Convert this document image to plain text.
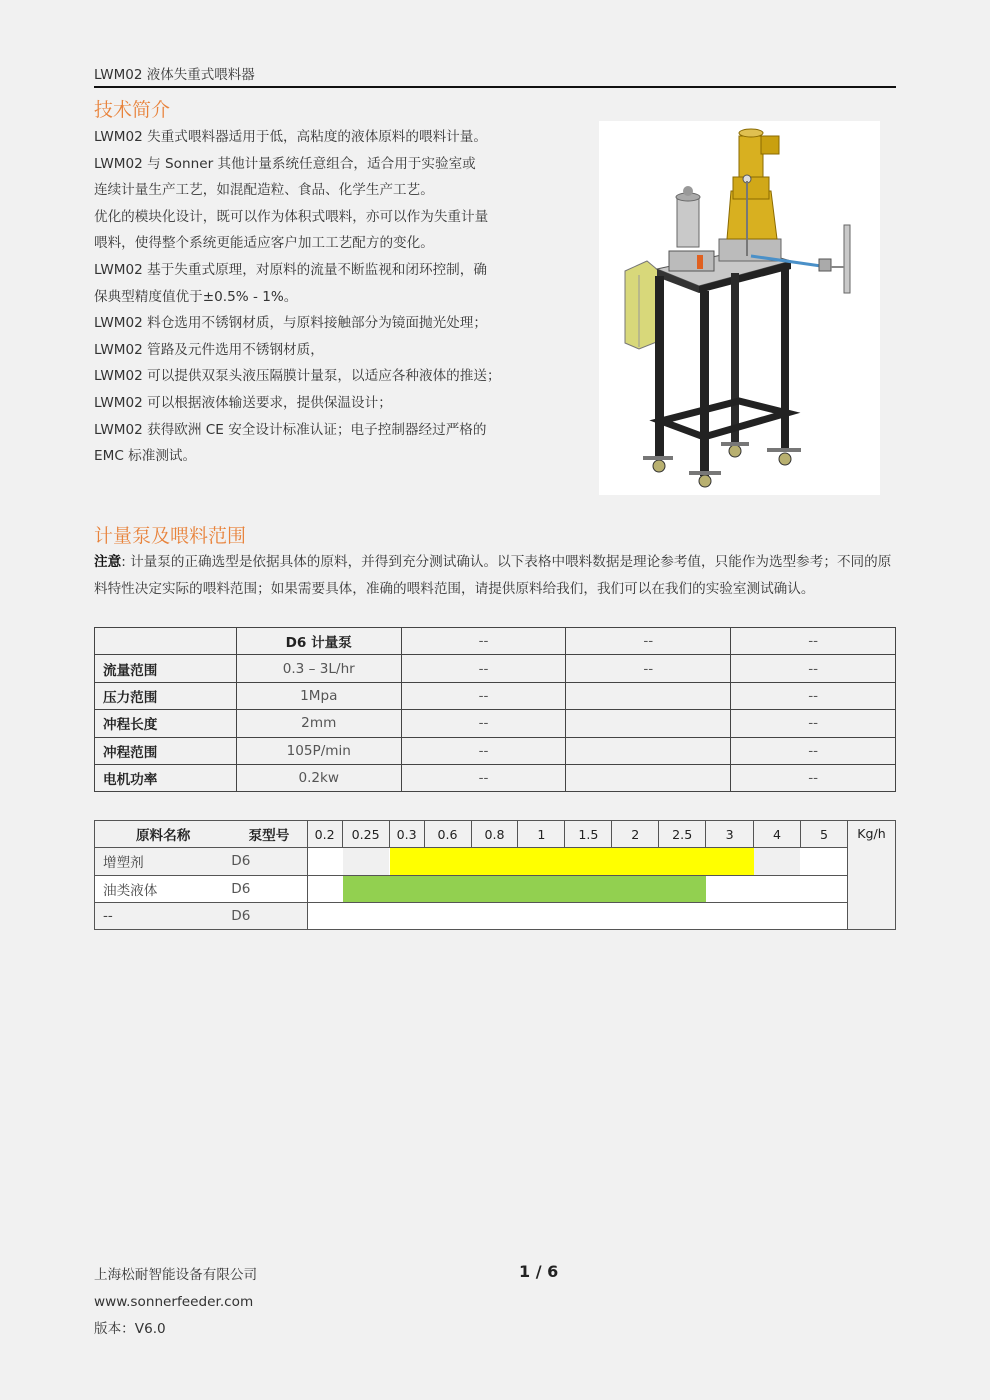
LWM02 液体失重式喂料器
技术简介

LWM02 失重式喂料器适用于低，高粘度的液体原料的喂料计量。

LWM02 与 Sonner 其他计量系统任意组合，适合用于实验室或

连续计量生产工艺，如混配造粒、食品、化学生产工艺。

优化的模块化设计，既可以作为体积式喂料，亦可以作为失重计量

喂料，使得整个系统更能适应客户加工工艺配方的变化。

LWM02 基于失重式原理，对原料的流量不断监视和闭环控制，确

保典型精度值优于±0.5% - 1%。

LWM02 料仓选用不锈钢材质，与原料接触部分为镜面抛光处理；

LWM02 管路及元件选用不锈钢材质，

LWM02 可以提供双泵头液压隔膜计量泵，以适应各种液体的推送；

LWM02 可以根据液体输送要求，提供保温设计；

LWM02 获得欧洲 CE 安全设计标准认证；电子控制器经过严格的

EMC 标准测试。

计量泵及喂料范围
注意: 计量泵的正确选型是依据具体的原料，并得到充分测试确认。以下表格中喂料数据是理论参考值，只能作为选型参考；不同的原料特性决定实际的喂料范围；如果需要具体，准确的喂料范围，请提供原料给我们，我们可以在我们的实验室测试确认。
	D6 计量泵	--	--	--
流量范围	0.3 – 3L/hr	--	--	--
压力范围	1Mpa	--		--
冲程长度	2mm	--		--
冲程范围	105P/min	--		--
电机功率	0.2kw	--		--
原料名称	泵型号	0.2	0.25	0.3	0.6	0.8	1	1.5	2	2.5	3	4	5	Kg/h
增塑剂	D6													
油类液体	D6													
--	D6													
上海松耐智能设备有限公司
www.sonnerfeeder.com
版本：V6.0
1 / 6
